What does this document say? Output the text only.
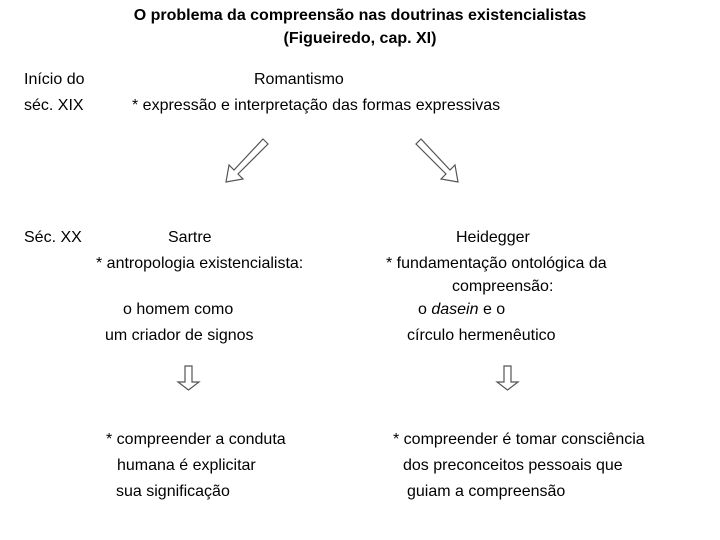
O problema da compreensão nas doutrinas existencialistas
(Figueiredo, cap. XI)
Início do
séc. XIX
Romantismo
* expressão e interpretação das formas expressivas
Séc. XX	Sartre
* antropologia existencialista:
o homem como
um criador de signos
Heidegger
* fundamentação ontológica da
compreensão:
o dasein e o
círculo hermenêutico
* compreender a conduta
humana é explicitar
sua significação
* compreender é tomar consciência
dos preconceitos pessoais que
guiam a compreensão
